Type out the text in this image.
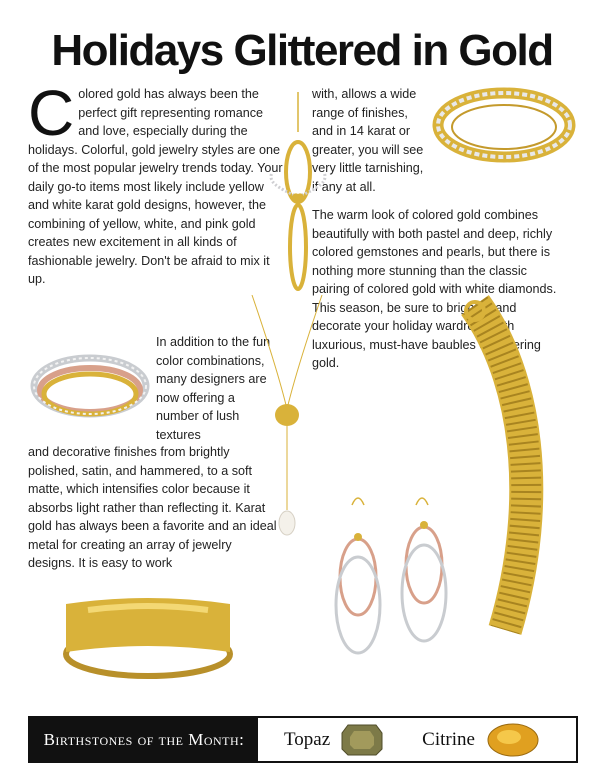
Holidays Glittered in Gold
C olored gold has always been the perfect gift representing romance and love, especially during the holidays. Colorful, gold jewelry styles are one of the most popular jewelry trends today. Your daily go-to items most likely include yellow and white karat gold designs, however, the combining of yellow, white, and pink gold creates new excitement in all kinds of fashionable jewelry. Don't be afraid to mix it up.
In addition to the fun color combinations, many designers are now offering a number of lush textures
and decorative finishes from brightly polished, satin, and hammered, to a soft matte, which intensifies color because it absorbs light rather than reflecting it. Karat gold has always been a favorite and an ideal metal for creating an array of jewelry designs. It is easy to work
with, allows a wide range of finishes, and in 14 karat or greater, you will see very little tarnishing, if any at all.
The warm look of colored gold combines beautifully with both pastel and deep, richly colored gemstones and pearls, but there is nothing more stunning than the classic pairing of colored gold with white diamonds. This season, be sure to brighten and decorate your holiday wardrobe with luxurious, must-have baubles of glittering gold.
Birthstones of the Month:	Topaz	Citrine
